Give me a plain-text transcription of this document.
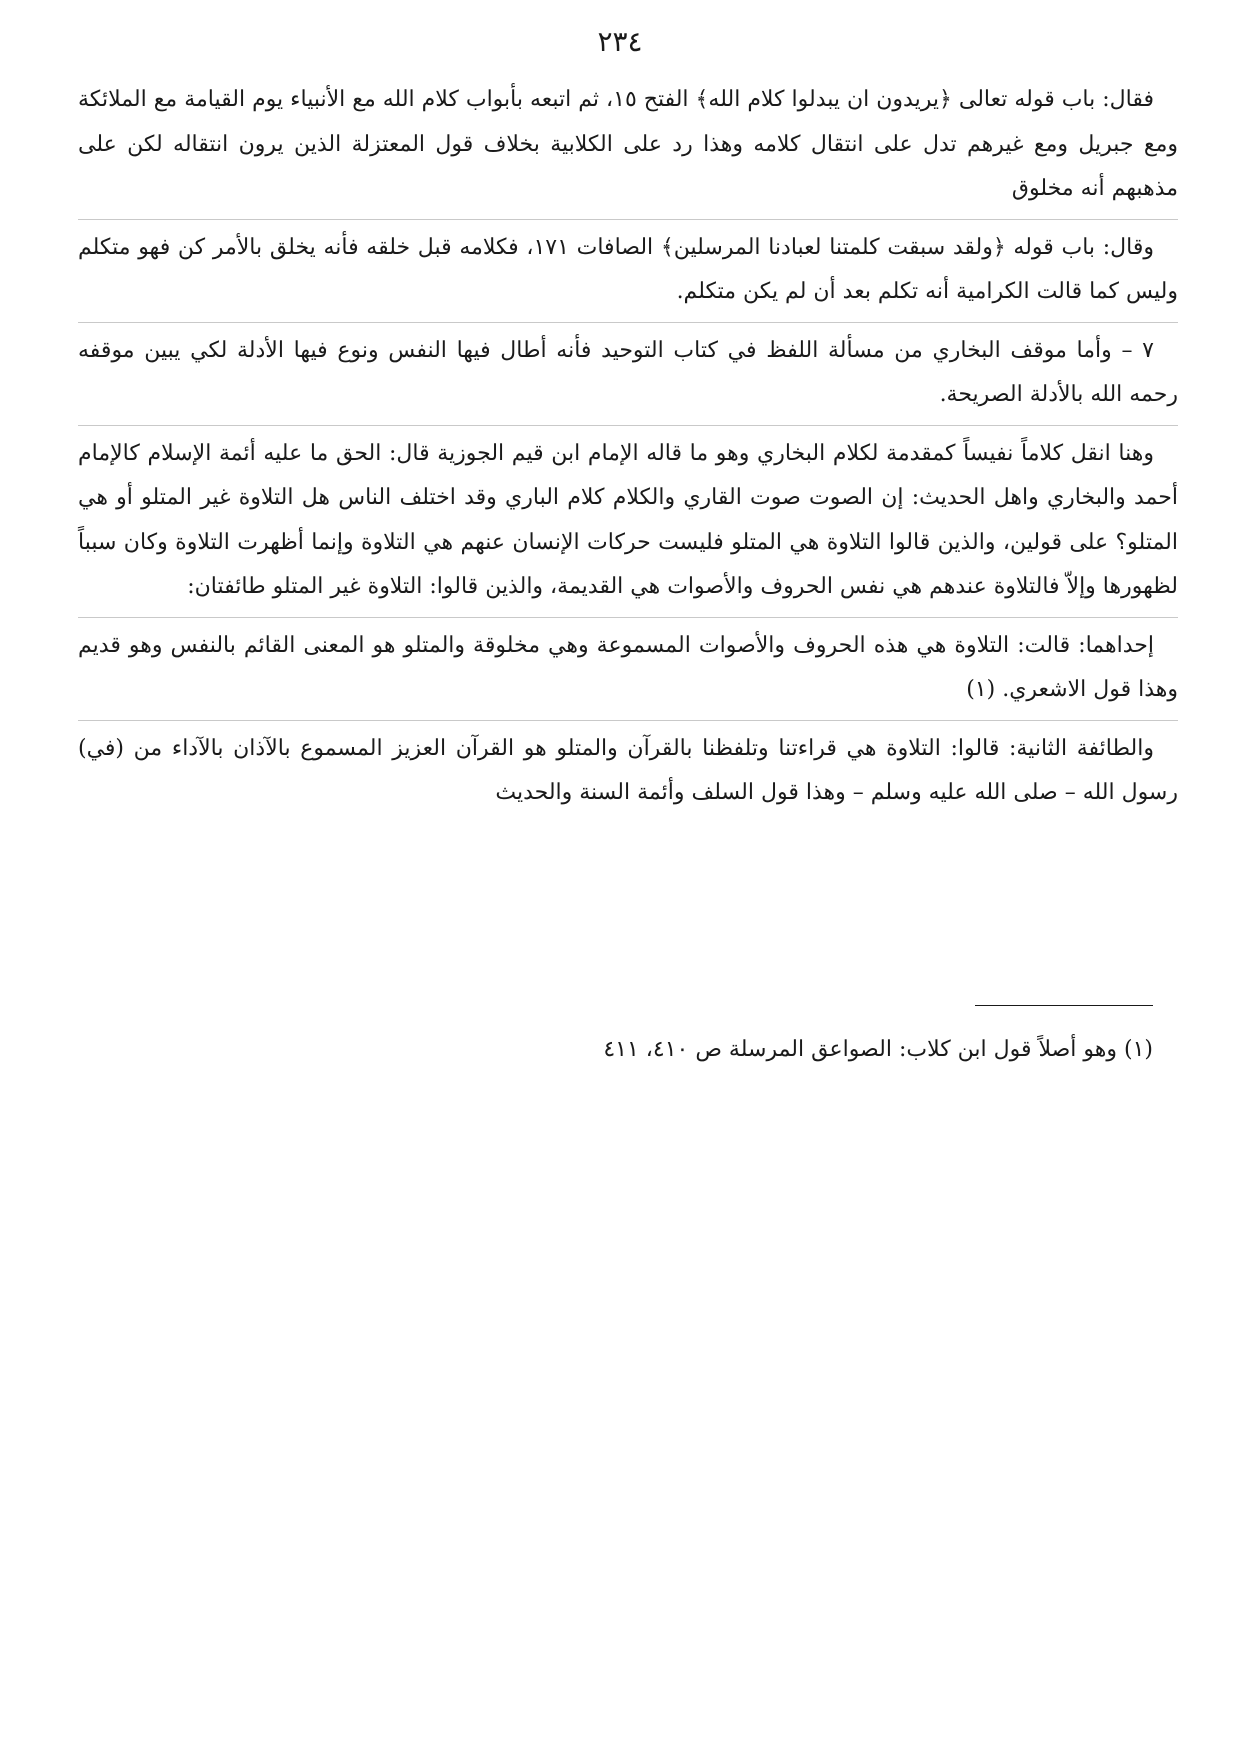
٢٣٤

فقال: باب قوله تعالى ﴿يريدون ان يبدلوا كلام الله﴾ الفتح ١٥، ثم اتبعه بأبواب كلام الله مع الأنبياء يوم القيامة مع الملائكة ومع جبريل ومع غيرهم تدل على انتقال كلامه وهذا رد على الكلابية بخلاف قول المعتزلة الذين يرون انتقاله لكن على مذهبهم أنه مخلوق

وقال: باب قوله ﴿ولقد سبقت كلمتنا لعبادنا المرسلين﴾ الصافات ١٧١، فكلامه قبل خلقه فأنه يخلق بالأمر كن فهو متكلم وليس كما قالت الكرامية أنه تكلم بعد أن لم يكن متكلم.

٧ – وأما موقف البخاري من مسألة اللفظ في كتاب التوحيد فأنه أطال فيها النفس ونوع فيها الأدلة لكي يبين موقفه رحمه الله بالأدلة الصريحة.

وهنا انقل كلاماً نفيساً كمقدمة لكلام البخاري وهو ما قاله الإمام ابن قيم الجوزية قال: الحق ما عليه أئمة الإسلام كالإمام أحمد والبخاري واهل الحديث: إن الصوت صوت القاري والكلام كلام الباري وقد اختلف الناس هل التلاوة غير المتلو أو هي المتلو؟ على قولين، والذين قالوا التلاوة هي المتلو فليست حركات الإنسان عنهم هي التلاوة وإنما أظهرت التلاوة وكان سبباً لظهورها وإلاّ فالتلاوة عندهم هي نفس الحروف والأصوات هي القديمة، والذين قالوا: التلاوة غير المتلو طائفتان:

إحداهما: قالت: التلاوة هي هذه الحروف والأصوات المسموعة وهي مخلوقة والمتلو هو المعنى القائم بالنفس وهو قديم وهذا قول الاشعري. (١)

والطائفة الثانية: قالوا: التلاوة هي قراءتنا وتلفظنا بالقرآن والمتلو هو القرآن العزيز المسموع بالآذان بالآداء من (في) رسول الله – صلى الله عليه وسلم – وهذا قول السلف وأئمة السنة والحديث

(١) وهو أصلاً قول ابن كلاب: الصواعق المرسلة ص ٤١٠، ٤١١
